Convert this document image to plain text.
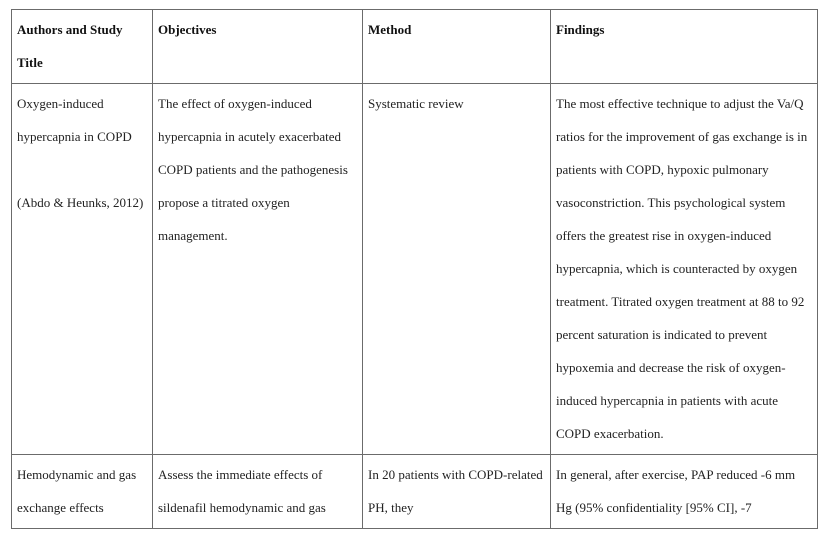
Authors and Study Title	Objectives	Method	Findings

Oxygen-induced hypercapnia in COPD
(Abdo & Heunks, 2012)	The effect of oxygen-induced hypercapnia in acutely exacerbated COPD patients and the pathogenesis propose a titrated oxygen management.	Systematic review	The most effective technique to adjust the Va/Q ratios for the improvement of gas exchange is in patients with COPD, hypoxic pulmonary vasoconstriction. This psychological system offers the greatest rise in oxygen-induced hypercapnia, which is counteracted by oxygen treatment. Titrated oxygen treatment at 88 to 92 percent saturation is indicated to prevent hypoxemia and decrease the risk of oxygen-induced hypercapnia in patients with acute COPD exacerbation.

Hemodynamic and gas exchange effects	Assess the immediate effects of sildenafil hemodynamic and gas	In 20 patients with COPD-related PH, they	In general, after exercise, PAP reduced -6 mm Hg (95% confidentiality [95% CI], -7
